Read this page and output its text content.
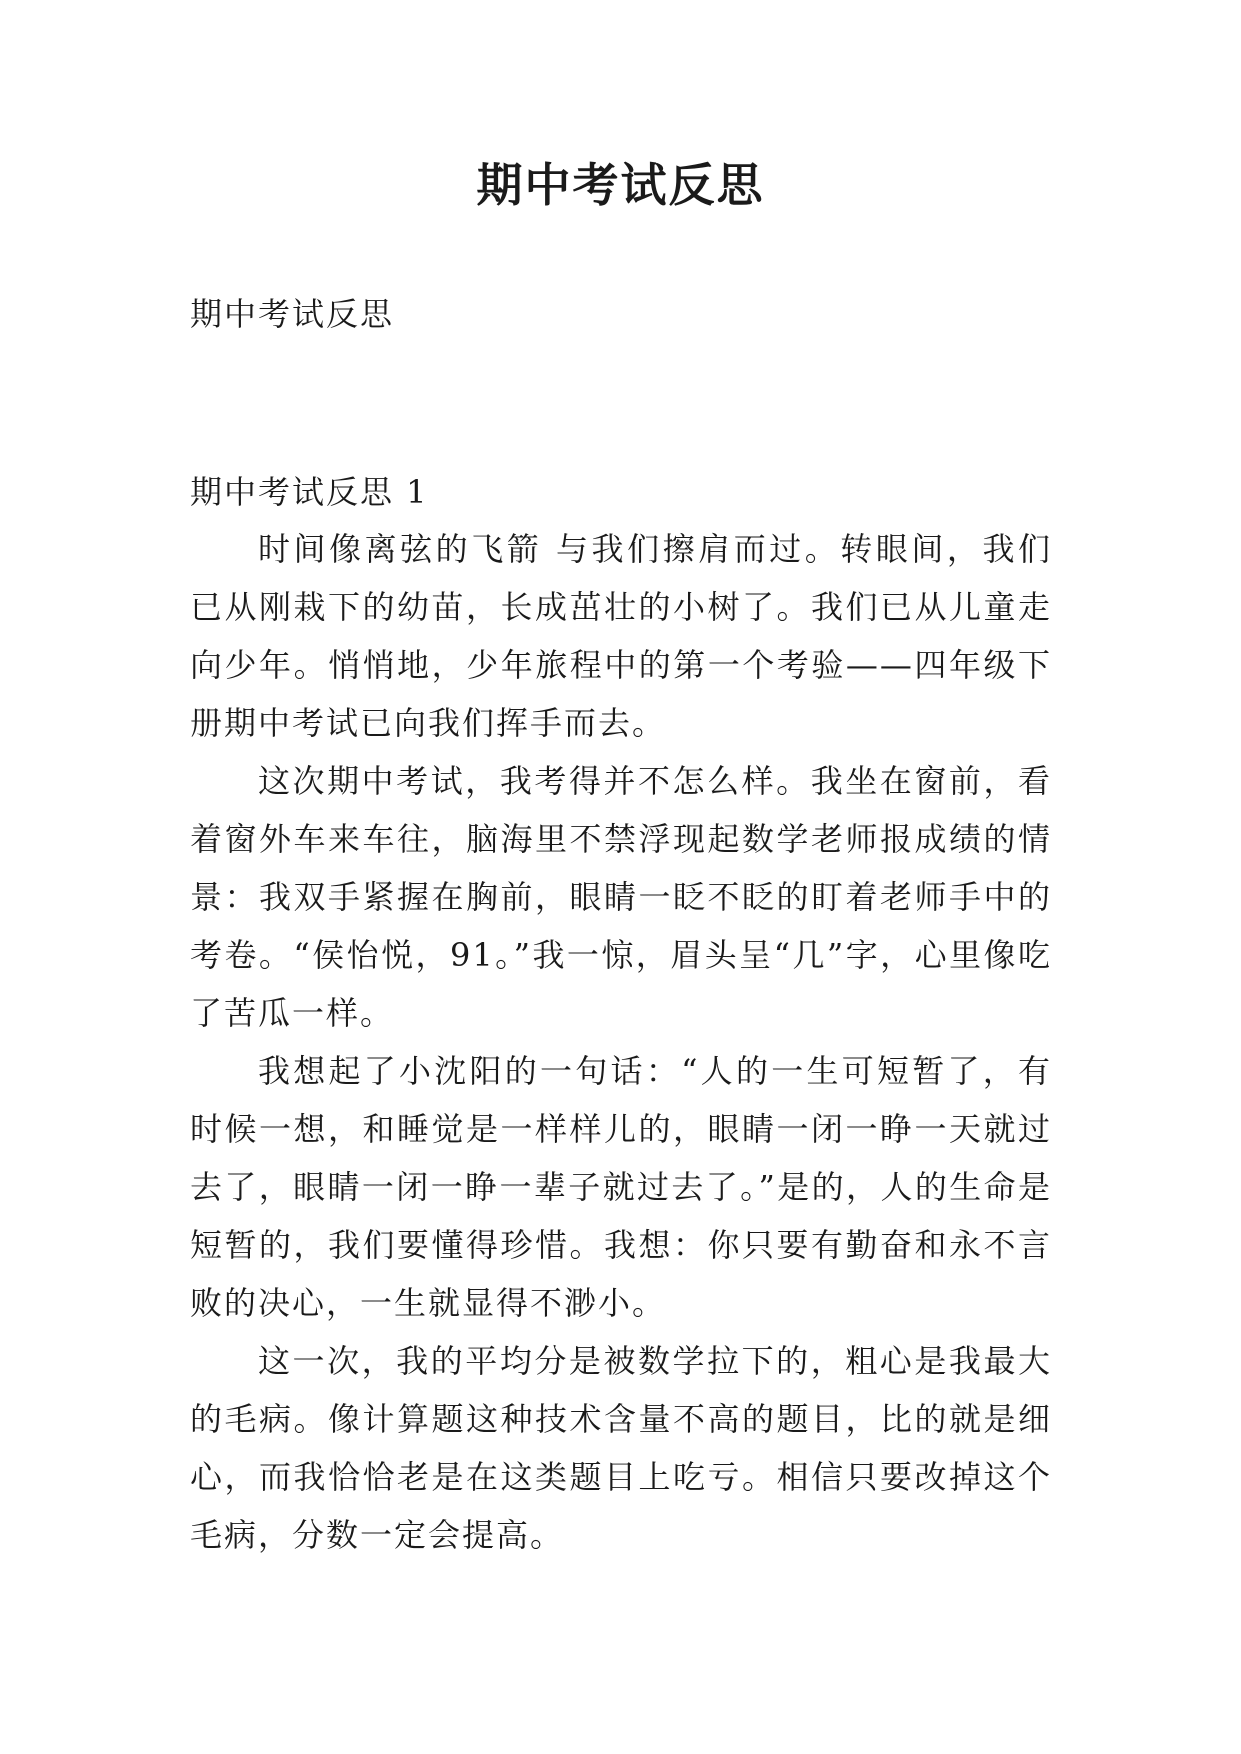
期中考试反思
期中考试反思
期中考试反思 1

时间像离弦的飞箭 与我们擦肩而过。转眼间，我们已从刚栽下的幼苗，长成茁壮的小树了。我们已从儿童走向少年。悄悄地，少年旅程中的第一个考验——四年级下册期中考试已向我们挥手而去。

这次期中考试，我考得并不怎么样。我坐在窗前，看着窗外车来车往，脑海里不禁浮现起数学老师报成绩的情景：我双手紧握在胸前，眼睛一眨不眨的盯着老师手中的考卷。“侯怡悦，91。”我一惊，眉头呈“几”字，心里像吃了苦瓜一样。

我想起了小沈阳的一句话：“人的一生可短暂了，有时候一想，和睡觉是一样样儿的，眼睛一闭一睁一天就过去了，眼睛一闭一睁一辈子就过去了。”是的，人的生命是短暂的，我们要懂得珍惜。我想：你只要有勤奋和永不言败的决心，一生就显得不渺小。

这一次，我的平均分是被数学拉下的，粗心是我最大的毛病。像计算题这种技术含量不高的题目，比的就是细心，而我恰恰老是在这类题目上吃亏。相信只要改掉这个毛病，分数一定会提高。
